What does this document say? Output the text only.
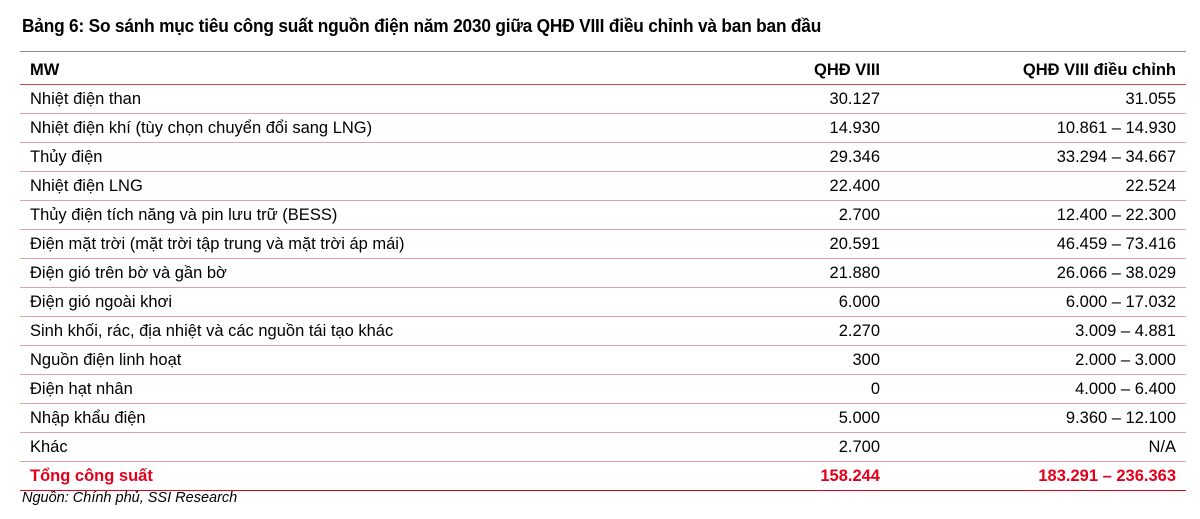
Bảng 6: So sánh mục tiêu công suất nguồn điện năm 2030 giữa QHĐ VIII điều chỉnh và ban ban đầu
MW	QHĐ VIII	QHĐ VIII điều chỉnh
Nhiệt điện than	30.127	31.055
Nhiệt điện khí (tùy chọn chuyển đổi sang LNG)	14.930	10.861 – 14.930
Thủy điện	29.346	33.294 – 34.667
Nhiệt điện LNG	22.400	22.524
Thủy điện tích năng và pin lưu trữ (BESS)	2.700	12.400 – 22.300
Điện mặt trời (mặt trời tập trung và mặt trời áp mái)	20.591	46.459 – 73.416
Điện gió trên bờ và gần bờ	21.880	26.066 – 38.029
Điện gió ngoài khơi	6.000	6.000 – 17.032
Sinh khối, rác, địa nhiệt và các nguồn tái tạo khác	2.270	3.009 – 4.881
Nguồn điện linh hoạt	300	2.000 – 3.000
Điện hạt nhân	0	4.000 – 6.400
Nhập khẩu điện	5.000	9.360 – 12.100
Khác	2.700	N/A
Tổng công suất	158.244	183.291 – 236.363
Nguồn: Chính phủ, SSI Research
